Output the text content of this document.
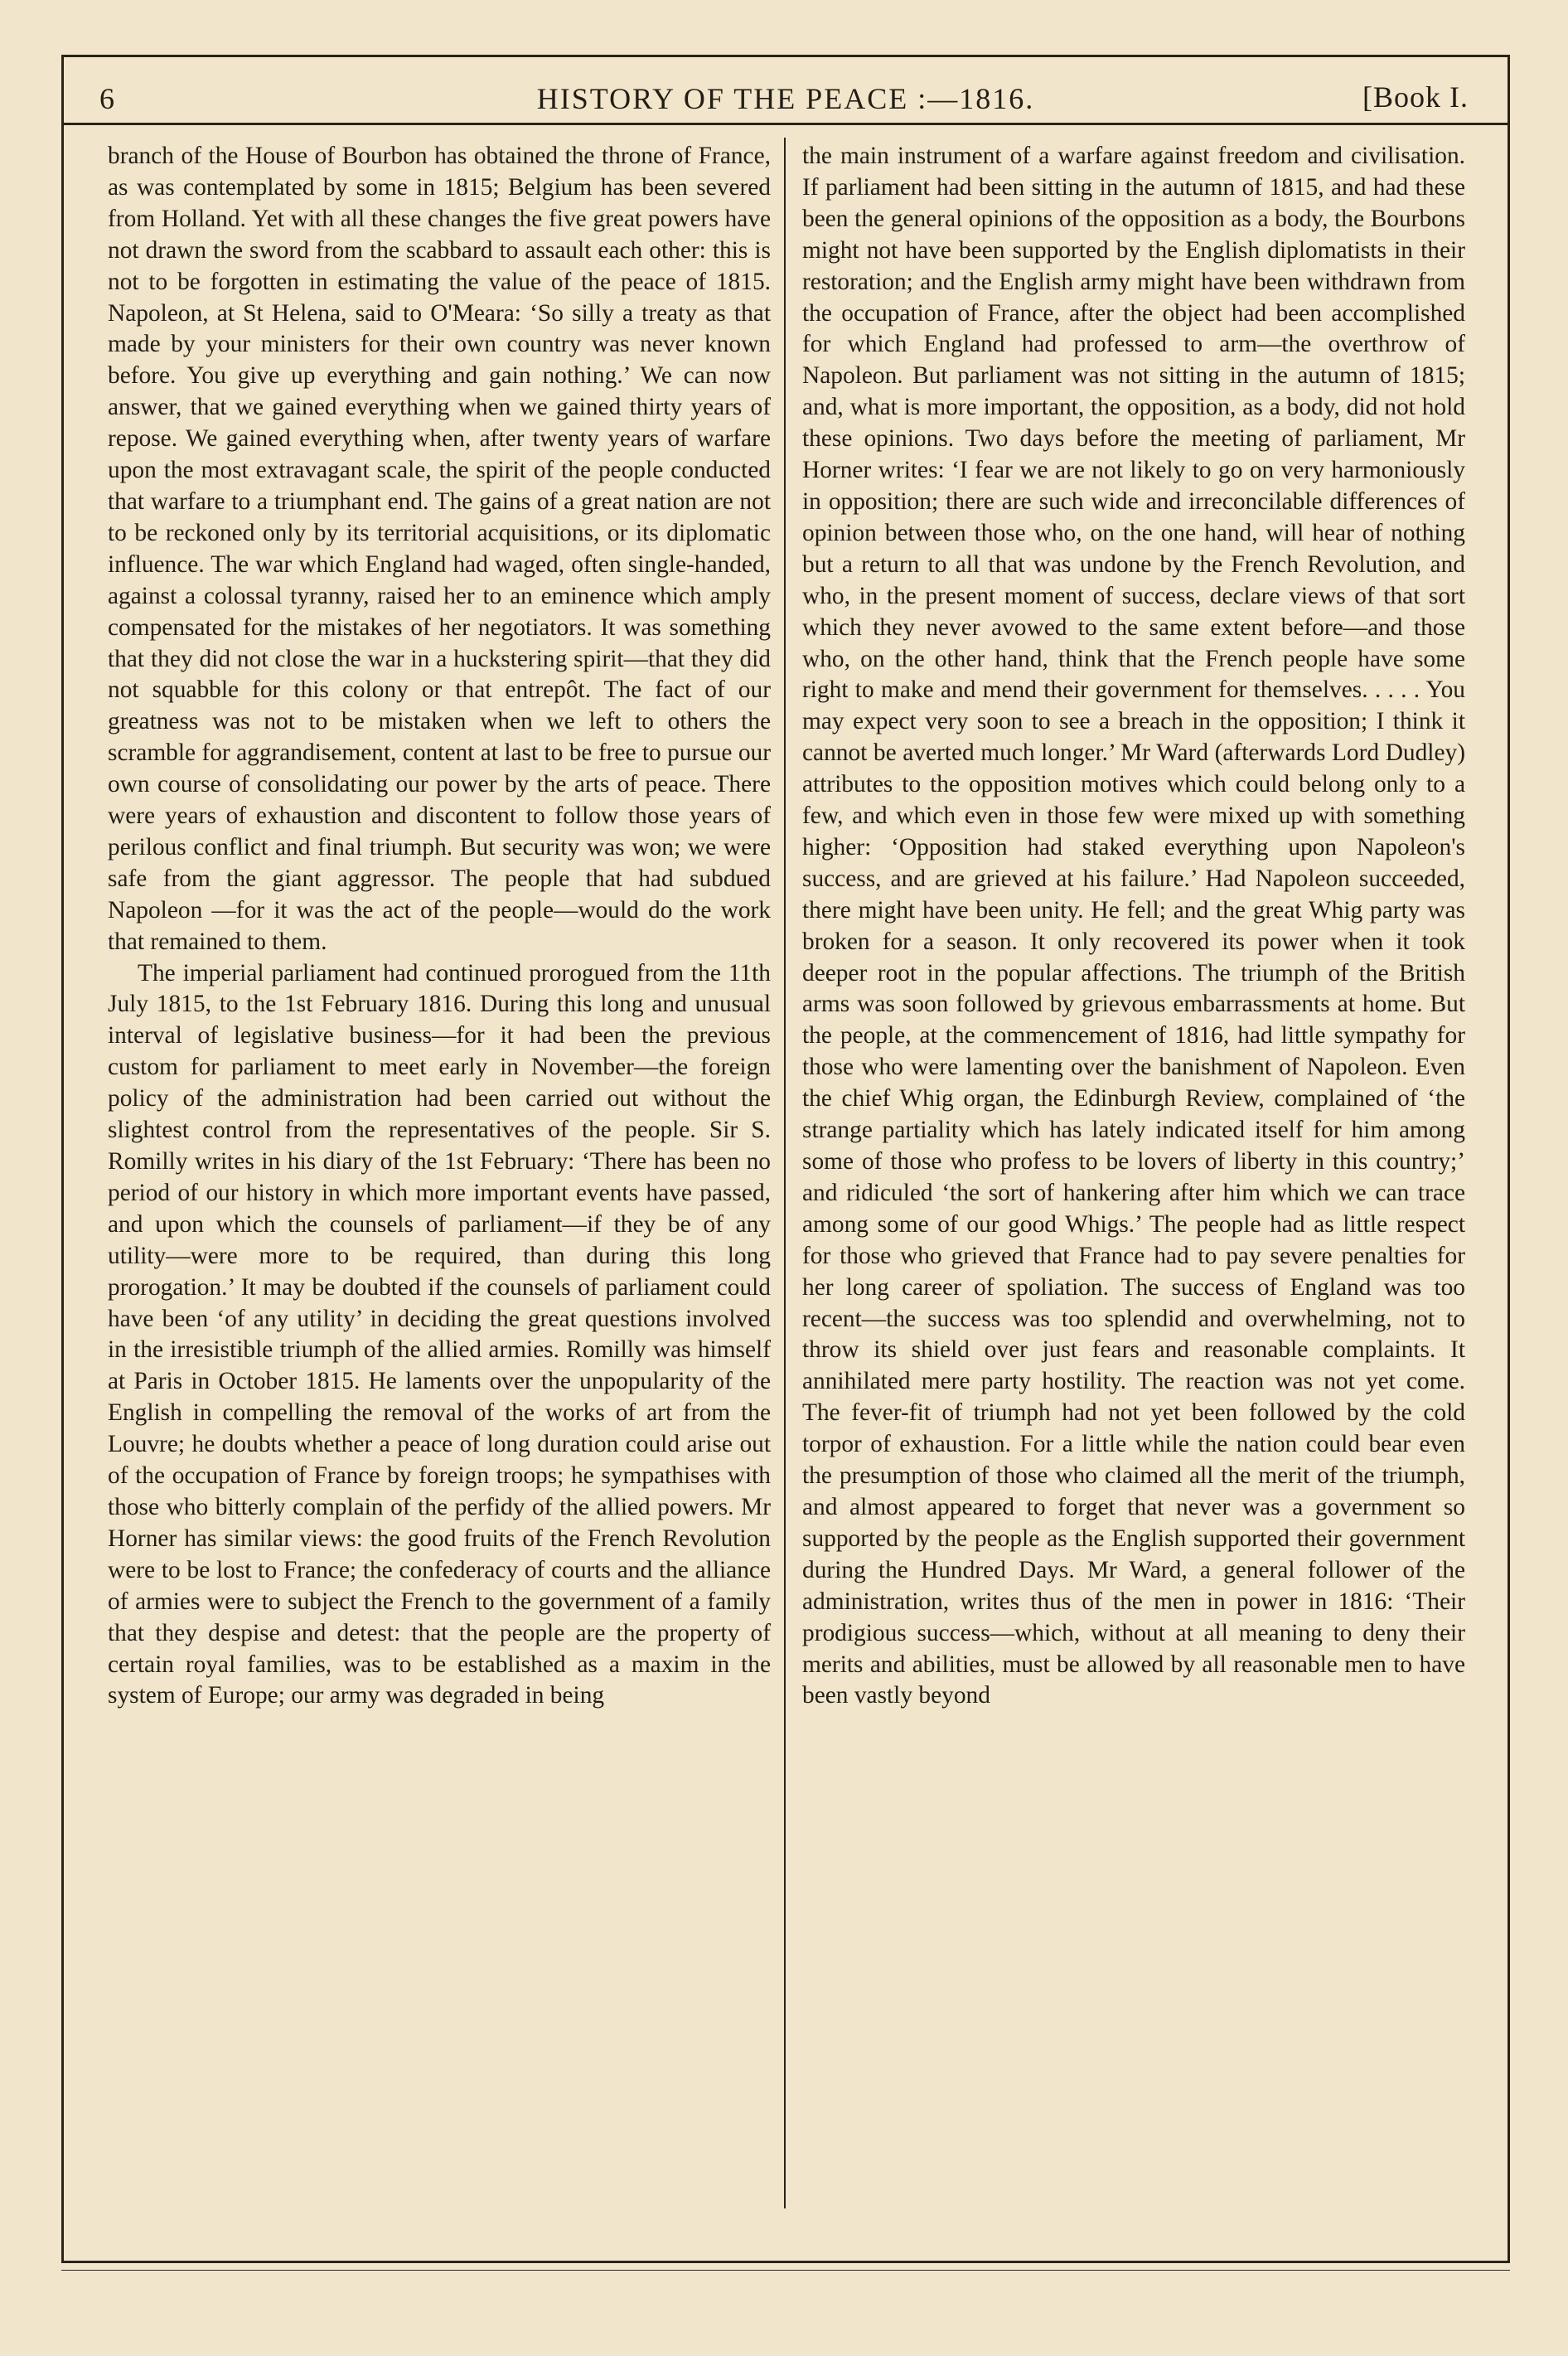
6	HISTORY OF THE PEACE :—1816.	[Book I.

branch of the House of Bourbon has obtained the throne of France, as was contemplated by some in 1815; Belgium has been severed from Holland. Yet with all these changes the five great powers have not drawn the sword from the scabbard to assault each other: this is not to be forgotten in estimating the value of the peace of 1815. Napoleon, at St Helena, said to O'Meara: ‘So silly a treaty as that made by your ministers for their own country was never known before. You give up everything and gain nothing.’ We can now answer, that we gained everything when we gained thirty years of repose. We gained everything when, after twenty years of warfare upon the most extravagant scale, the spirit of the people conducted that warfare to a triumphant end. The gains of a great nation are not to be reckoned only by its territorial acquisitions, or its diplomatic influence. The war which England had waged, often single-handed, against a colossal tyranny, raised her to an eminence which amply compensated for the mistakes of her negotiators. It was something that they did not close the war in a huckstering spirit—that they did not squabble for this colony or that entrepôt. The fact of our greatness was not to be mistaken when we left to others the scramble for aggrandisement, content at last to be free to pursue our own course of consolidating our power by the arts of peace. There were years of exhaustion and discontent to follow those years of perilous conflict and final triumph. But security was won; we were safe from the giant aggressor. The people that had subdued Napoleon —for it was the act of the people—would do the work that remained to them.

The imperial parliament had continued prorogued from the 11th July 1815, to the 1st February 1816. During this long and unusual interval of legislative business—for it had been the previous custom for parliament to meet early in November—the foreign policy of the administration had been carried out without the slightest control from the representatives of the people. Sir S. Romilly writes in his diary of the 1st February: ‘There has been no period of our history in which more important events have passed, and upon which the counsels of parliament—if they be of any utility—were more to be required, than during this long prorogation.’ It may be doubted if the counsels of parliament could have been ‘of any utility’ in deciding the great questions involved in the irresistible triumph of the allied armies. Romilly was himself at Paris in October 1815. He laments over the unpopularity of the English in compelling the removal of the works of art from the Louvre; he doubts whether a peace of long duration could arise out of the occupation of France by foreign troops; he sympathises with those who bitterly complain of the perfidy of the allied powers. Mr Horner has similar views: the good fruits of the French Revolution were to be lost to France; the confederacy of courts and the alliance of armies were to subject the French to the government of a family that they despise and detest: that the people are the property of certain royal families, was to be established as a maxim in the system of Europe; our army was degraded in being

the main instrument of a warfare against freedom and civilisation. If parliament had been sitting in the autumn of 1815, and had these been the general opinions of the opposition as a body, the Bourbons might not have been supported by the English diplomatists in their restoration; and the English army might have been withdrawn from the occupation of France, after the object had been accomplished for which England had professed to arm—the overthrow of Napoleon. But parliament was not sitting in the autumn of 1815; and, what is more important, the opposition, as a body, did not hold these opinions. Two days before the meeting of parliament, Mr Horner writes: ‘I fear we are not likely to go on very harmoniously in opposition; there are such wide and irreconcilable differences of opinion between those who, on the one hand, will hear of nothing but a return to all that was undone by the French Revolution, and who, in the present moment of success, declare views of that sort which they never avowed to the same extent before—and those who, on the other hand, think that the French people have some right to make and mend their government for themselves. . . . . You may expect very soon to see a breach in the opposition; I think it cannot be averted much longer.’ Mr Ward (afterwards Lord Dudley) attributes to the opposition motives which could belong only to a few, and which even in those few were mixed up with something higher: ‘Opposition had staked everything upon Napoleon's success, and are grieved at his failure.’ Had Napoleon succeeded, there might have been unity. He fell; and the great Whig party was broken for a season. It only recovered its power when it took deeper root in the popular affections. The triumph of the British arms was soon followed by grievous embarrassments at home. But the people, at the commencement of 1816, had little sympathy for those who were lamenting over the banishment of Napoleon. Even the chief Whig organ, the Edinburgh Review, complained of ‘the strange partiality which has lately indicated itself for him among some of those who profess to be lovers of liberty in this country;’ and ridiculed ‘the sort of hankering after him which we can trace among some of our good Whigs.’ The people had as little respect for those who grieved that France had to pay severe penalties for her long career of spoliation. The success of England was too recent—the success was too splendid and overwhelming, not to throw its shield over just fears and reasonable complaints. It annihilated mere party hostility. The reaction was not yet come. The fever-fit of triumph had not yet been followed by the cold torpor of exhaustion. For a little while the nation could bear even the presumption of those who claimed all the merit of the triumph, and almost appeared to forget that never was a government so supported by the people as the English supported their government during the Hundred Days. Mr Ward, a general follower of the administration, writes thus of the men in power in 1816: ‘Their prodigious success—which, without at all meaning to deny their merits and abilities, must be allowed by all reasonable men to have been vastly beyond
